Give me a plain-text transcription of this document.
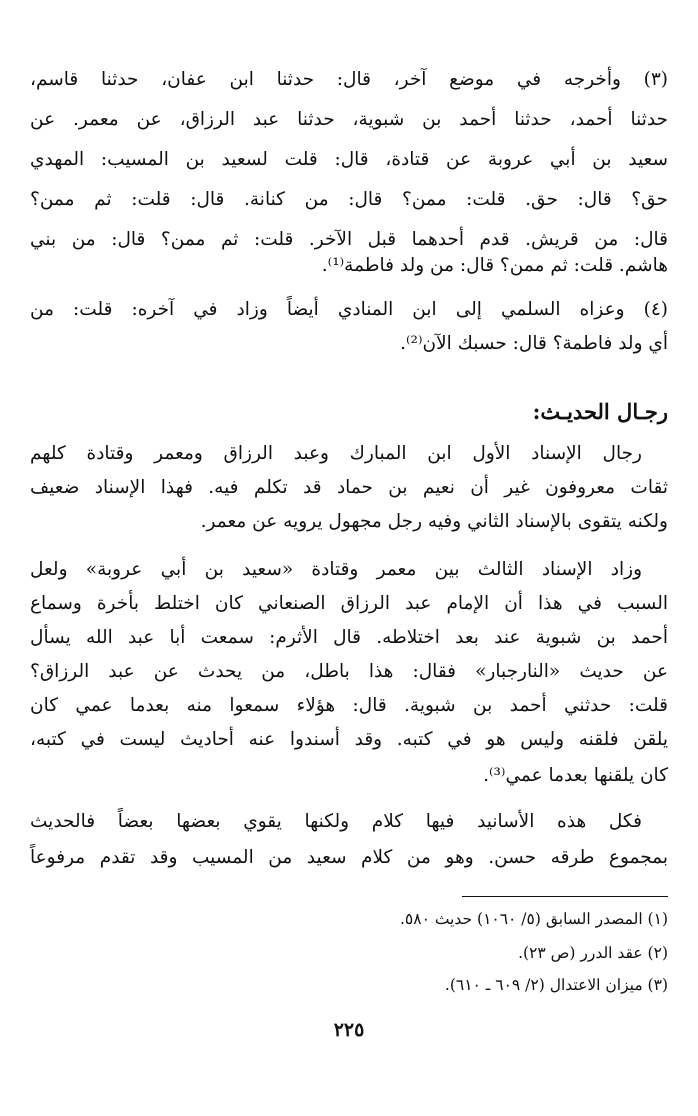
(٣) وأخرجه في موضع آخر، قال: حدثنا ابن عفان، حدثنا قاسم،
حدثنا أحمد، حدثنا أحمد بن شبوية، حدثنا عبد الرزاق، عن معمر. عن
سعيد بن أبي عروبة عن قتادة، قال: قلت لسعيد بن المسيب: المهدي
حق؟ قال: حق. قلت: ممن؟ قال: من كنانة. قال: قلت: ثم ممن؟
قال: من قريش. قدم أحدهما قبل الآخر. قلت: ثم ممن؟ قال: من بني
هاشم. قلت: ثم ممن؟ قال: من ولد فاطمة⁽¹⁾.
(٤) وعزاه السلمي إلى ابن المنادي أيضاً وزاد في آخره: قلت: من
أي ولد فاطمة؟ قال: حسبك الآن⁽²⁾.
رجـال الحديـث:
رجال الإسناد الأول ابن المبارك وعبد الرزاق ومعمر وقتادة كلهم
ثقات معروفون غير أن نعيم بن حماد قد تكلم فيه. فهذا الإسناد ضعيف
ولكنه يتقوى بالإسناد الثاني وفيه رجل مجهول يرويه عن معمر.
وزاد الإسناد الثالث بين معمر وقتادة «سعيد بن أبي عروبة» ولعل
السبب في هذا أن الإمام عبد الرزاق الصنعاني كان اختلط بأخرة وسماع
أحمد بن شبوية عند بعد اختلاطه. قال الأثرم: سمعت أبا عبد الله يسأل
عن حديث «النارجبار» فقال: هذا باطل، من يحدث عن عبد الرزاق؟
قلت: حدثني أحمد بن شبوية. قال: هؤلاء سمعوا منه بعدما عمي كان
يلقن فلقنه وليس هو في كتبه. وقد أسندوا عنه أحاديث ليست في كتبه،
كان يلقنها بعدما عمي⁽³⁾.
فكل هذه الأسانيد فيها كلام ولكنها يقوي بعضها بعضاً فالحديث
بمجموع طرقه حسن. وهو من كلام سعيد من المسيب وقد تقدم مرفوعاً
(١) المصدر السابق (٥/ ١٠٦٠) حديث ٥٨٠.
(٢) عقد الدرر (ص ٢٣).
(٣) ميزان الاعتدال (٢/ ٦٠٩ ـ ٦١٠).
٢٢٥
